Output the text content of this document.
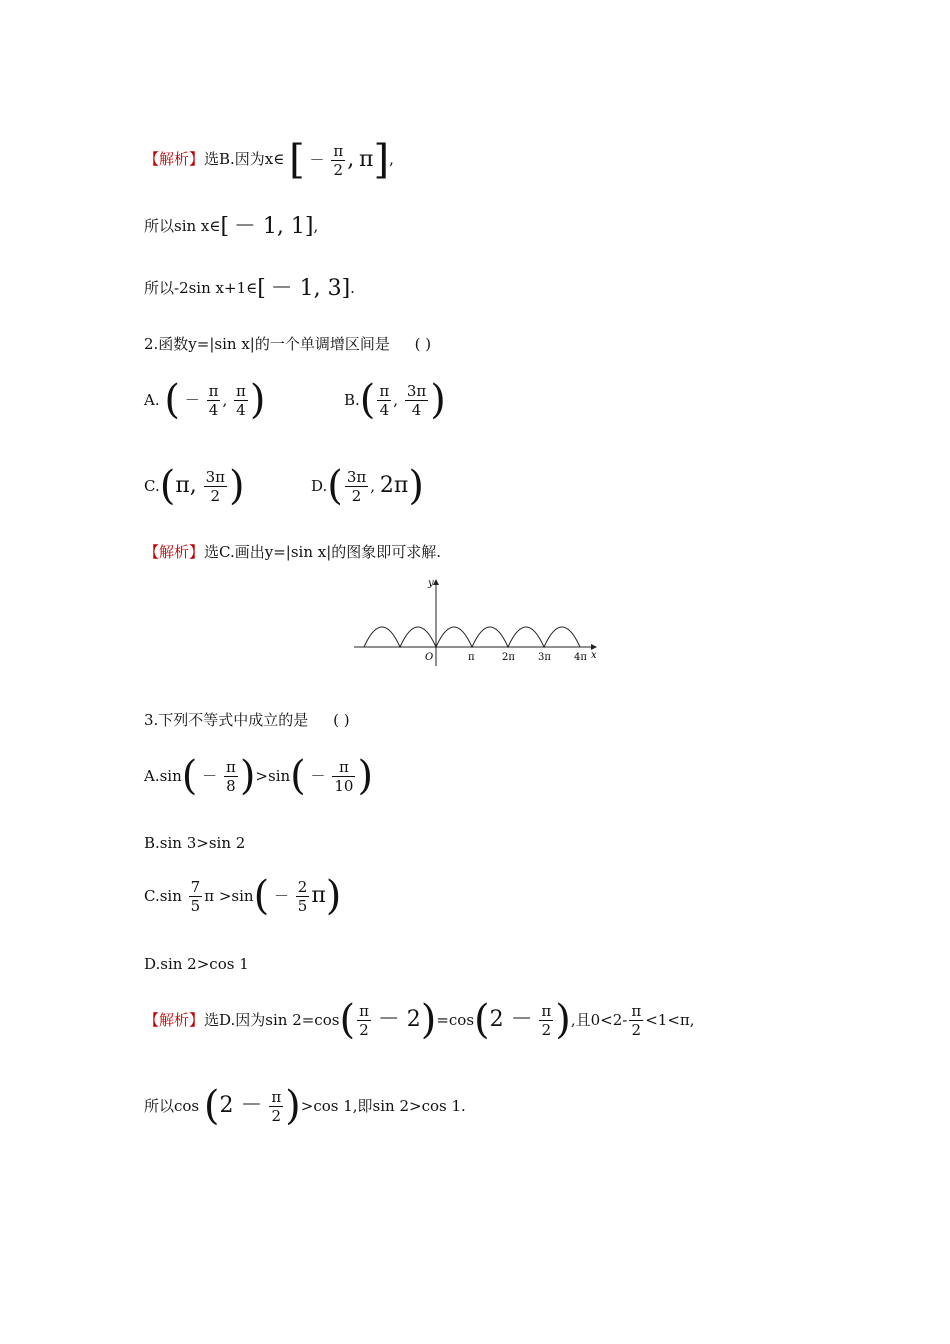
【解析】选B.因为x∈ [ － $\frac{\pi}{2}$ , π],
所以sin x∈[ － 1, 1],
所以-2sin x+1∈[ － 1, 3].
2.函数y=|sin x|的一个单调增区间是 ( )
A. ( － $\frac{\pi}{4}$ , $\frac{\pi}{4}$ )	$B.( \frac{\pi}{4}$ , $\frac{3\pi}{4}$ )
C.(π, $\frac{3\pi}{2}$ )	$D.( \frac{3\pi}{2}$ , 2π)
【解析】选C.画出y=|sin x|的图象即可求解.
y
x
O	π	2π 3π 4π
3.下列不等式中成立的是 ( )
$A.\sin( - \frac{\pi}{8} )>\sin( - \frac{\pi}{10}$ )
B.sin 3>sin 2
$C.\sin \frac{7}{5}$ $\pi >\sin( - \frac{2}{5} \pi)$
D.sin 2>cos 1
【解析】选D.因为$\sin 2=\cos( \frac{\pi}{2} - 2)=\cos(2 - \frac{\pi}{2}$ ),且$0<2- \frac{\pi}{2} <1<\pi$,
所以$\cos (2 - \frac{\pi}{2} )>\cos$ 1,即sin 2>cos 1.
